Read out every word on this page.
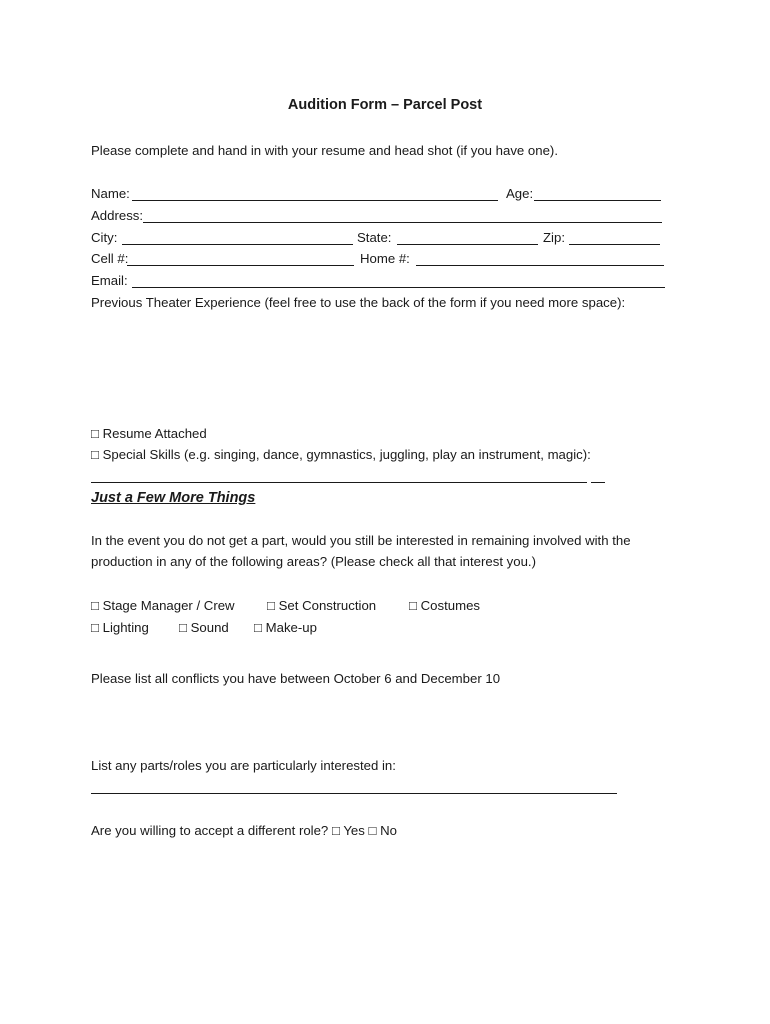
Audition Form – Parcel Post
Please complete and hand in with your resume and head shot (if you have one).
Name:	Age:
Address:
City:	State:	Zip:
Cell #:	Home #:
Email:
Previous Theater Experience (feel free to use the back of the form if you need more space):
□ Resume Attached
□ Special Skills (e.g. singing, dance, gymnastics, juggling, play an instrument, magic):
Just a Few More Things
In the event you do not get a part, would you still be interested in remaining involved with the
production in any of the following areas? (Please check all that interest you.)
□ Stage Manager / Crew □ Set Construction □ Costumes
□ Lighting □ Sound □ Make-up
Please list all conflicts you have between October 6 and December 10
List any parts/roles you are particularly interested in:
Are you willing to accept a different role? □ Yes □ No
